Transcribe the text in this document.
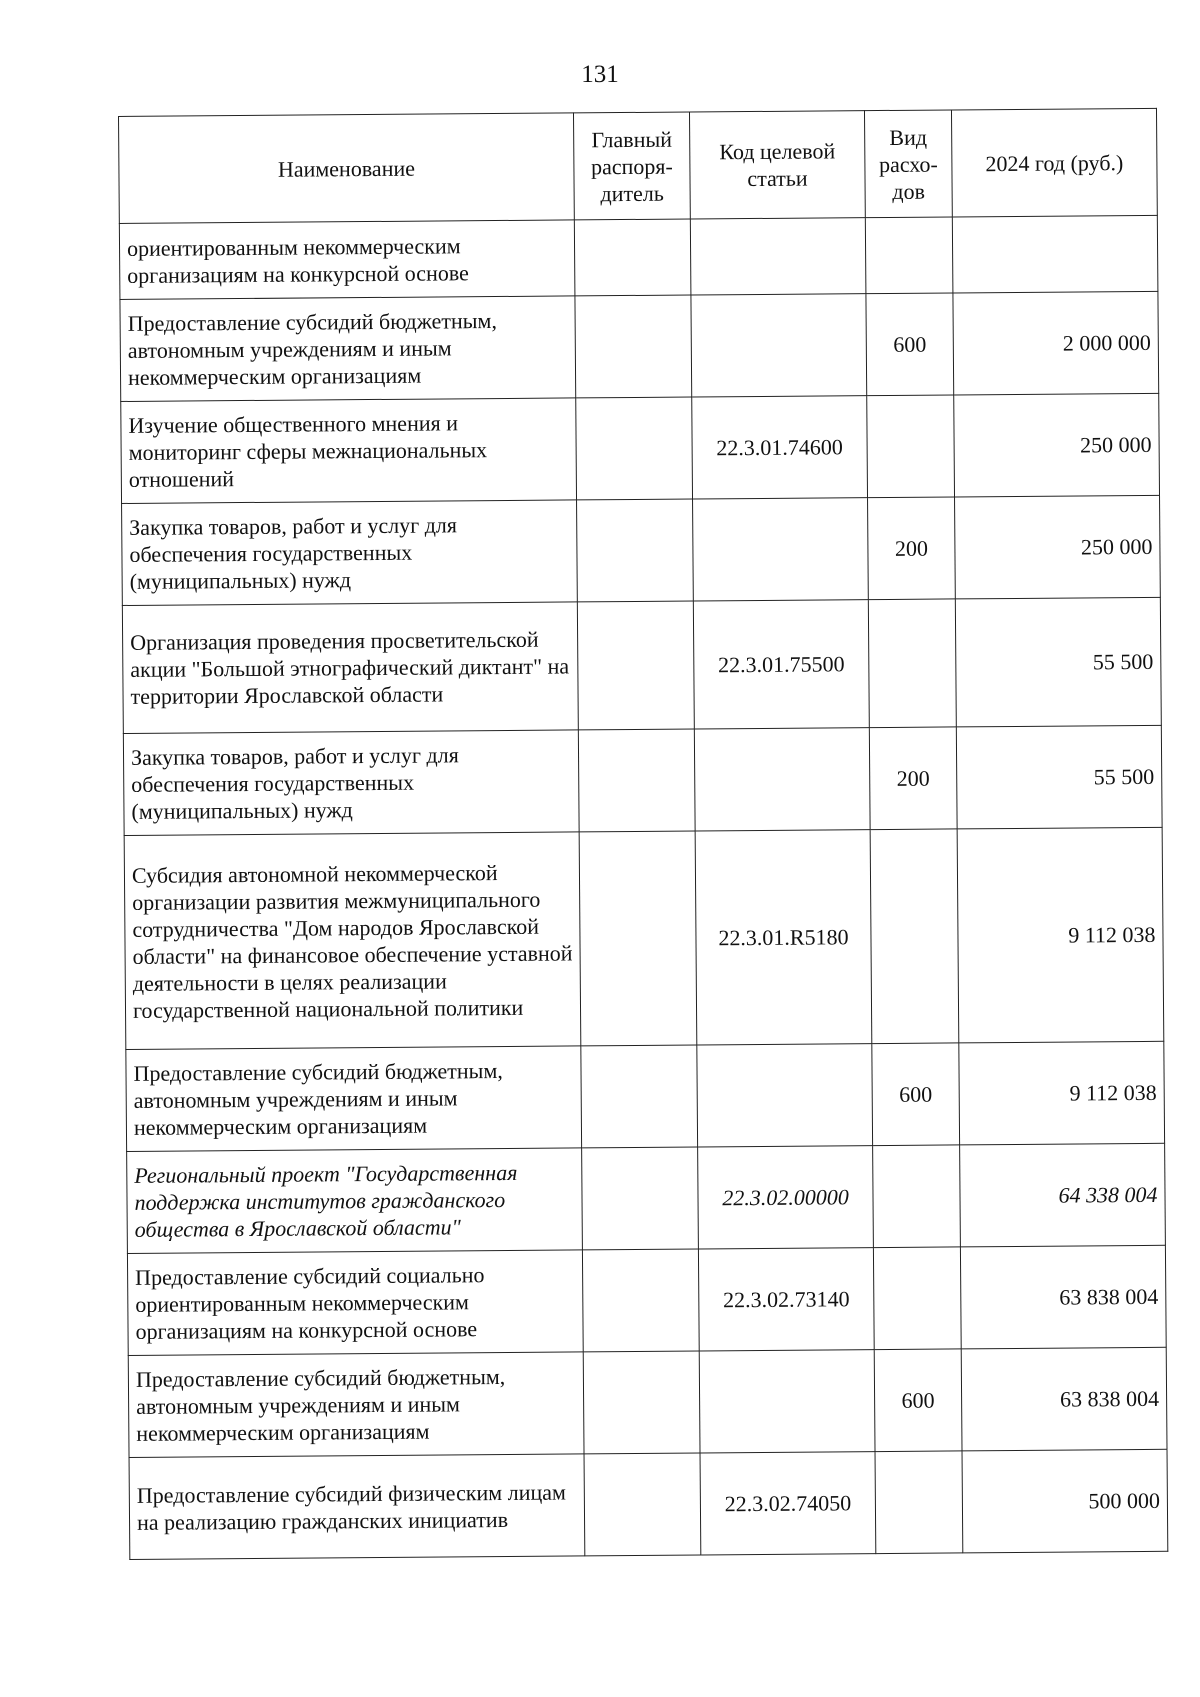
131
Наименование	Главный распоря-дитель	Код целевой статьи	Вид расхо-дов	2024 год (руб.)
ориентированным некоммерческим организациям на конкурсной основе				
Предоставление субсидий бюджетным, автономным учреждениям и иным некоммерческим организациям			600	2 000 000
Изучение общественного мнения и мониторинг сферы межнациональных отношений		22.3.01.74600		250 000
Закупка товаров, работ и услуг для обеспечения государственных (муниципальных) нужд			200	250 000
Организация проведения просветительской акции "Большой этнографический диктант" на территории Ярославской области		22.3.01.75500		55 500
Закупка товаров, работ и услуг для обеспечения государственных (муниципальных) нужд			200	55 500
Субсидия автономной некоммерческой организации развития межмуниципального сотрудничества "Дом народов Ярославской области" на финансовое обеспечение уставной деятельности в целях реализации государственной национальной политики		22.3.01.R5180		9 112 038
Предоставление субсидий бюджетным, автономным учреждениям и иным некоммерческим организациям			600	9 112 038
Региональный проект "Государственная поддержка институтов гражданского общества в Ярославской области"		22.3.02.00000		64 338 004
Предоставление субсидий социально ориентированным некоммерческим организациям на конкурсной основе		22.3.02.73140		63 838 004
Предоставление субсидий бюджетным, автономным учреждениям и иным некоммерческим организациям			600	63 838 004
Предоставление субсидий физическим лицам на реализацию гражданских инициатив		22.3.02.74050		500 000
